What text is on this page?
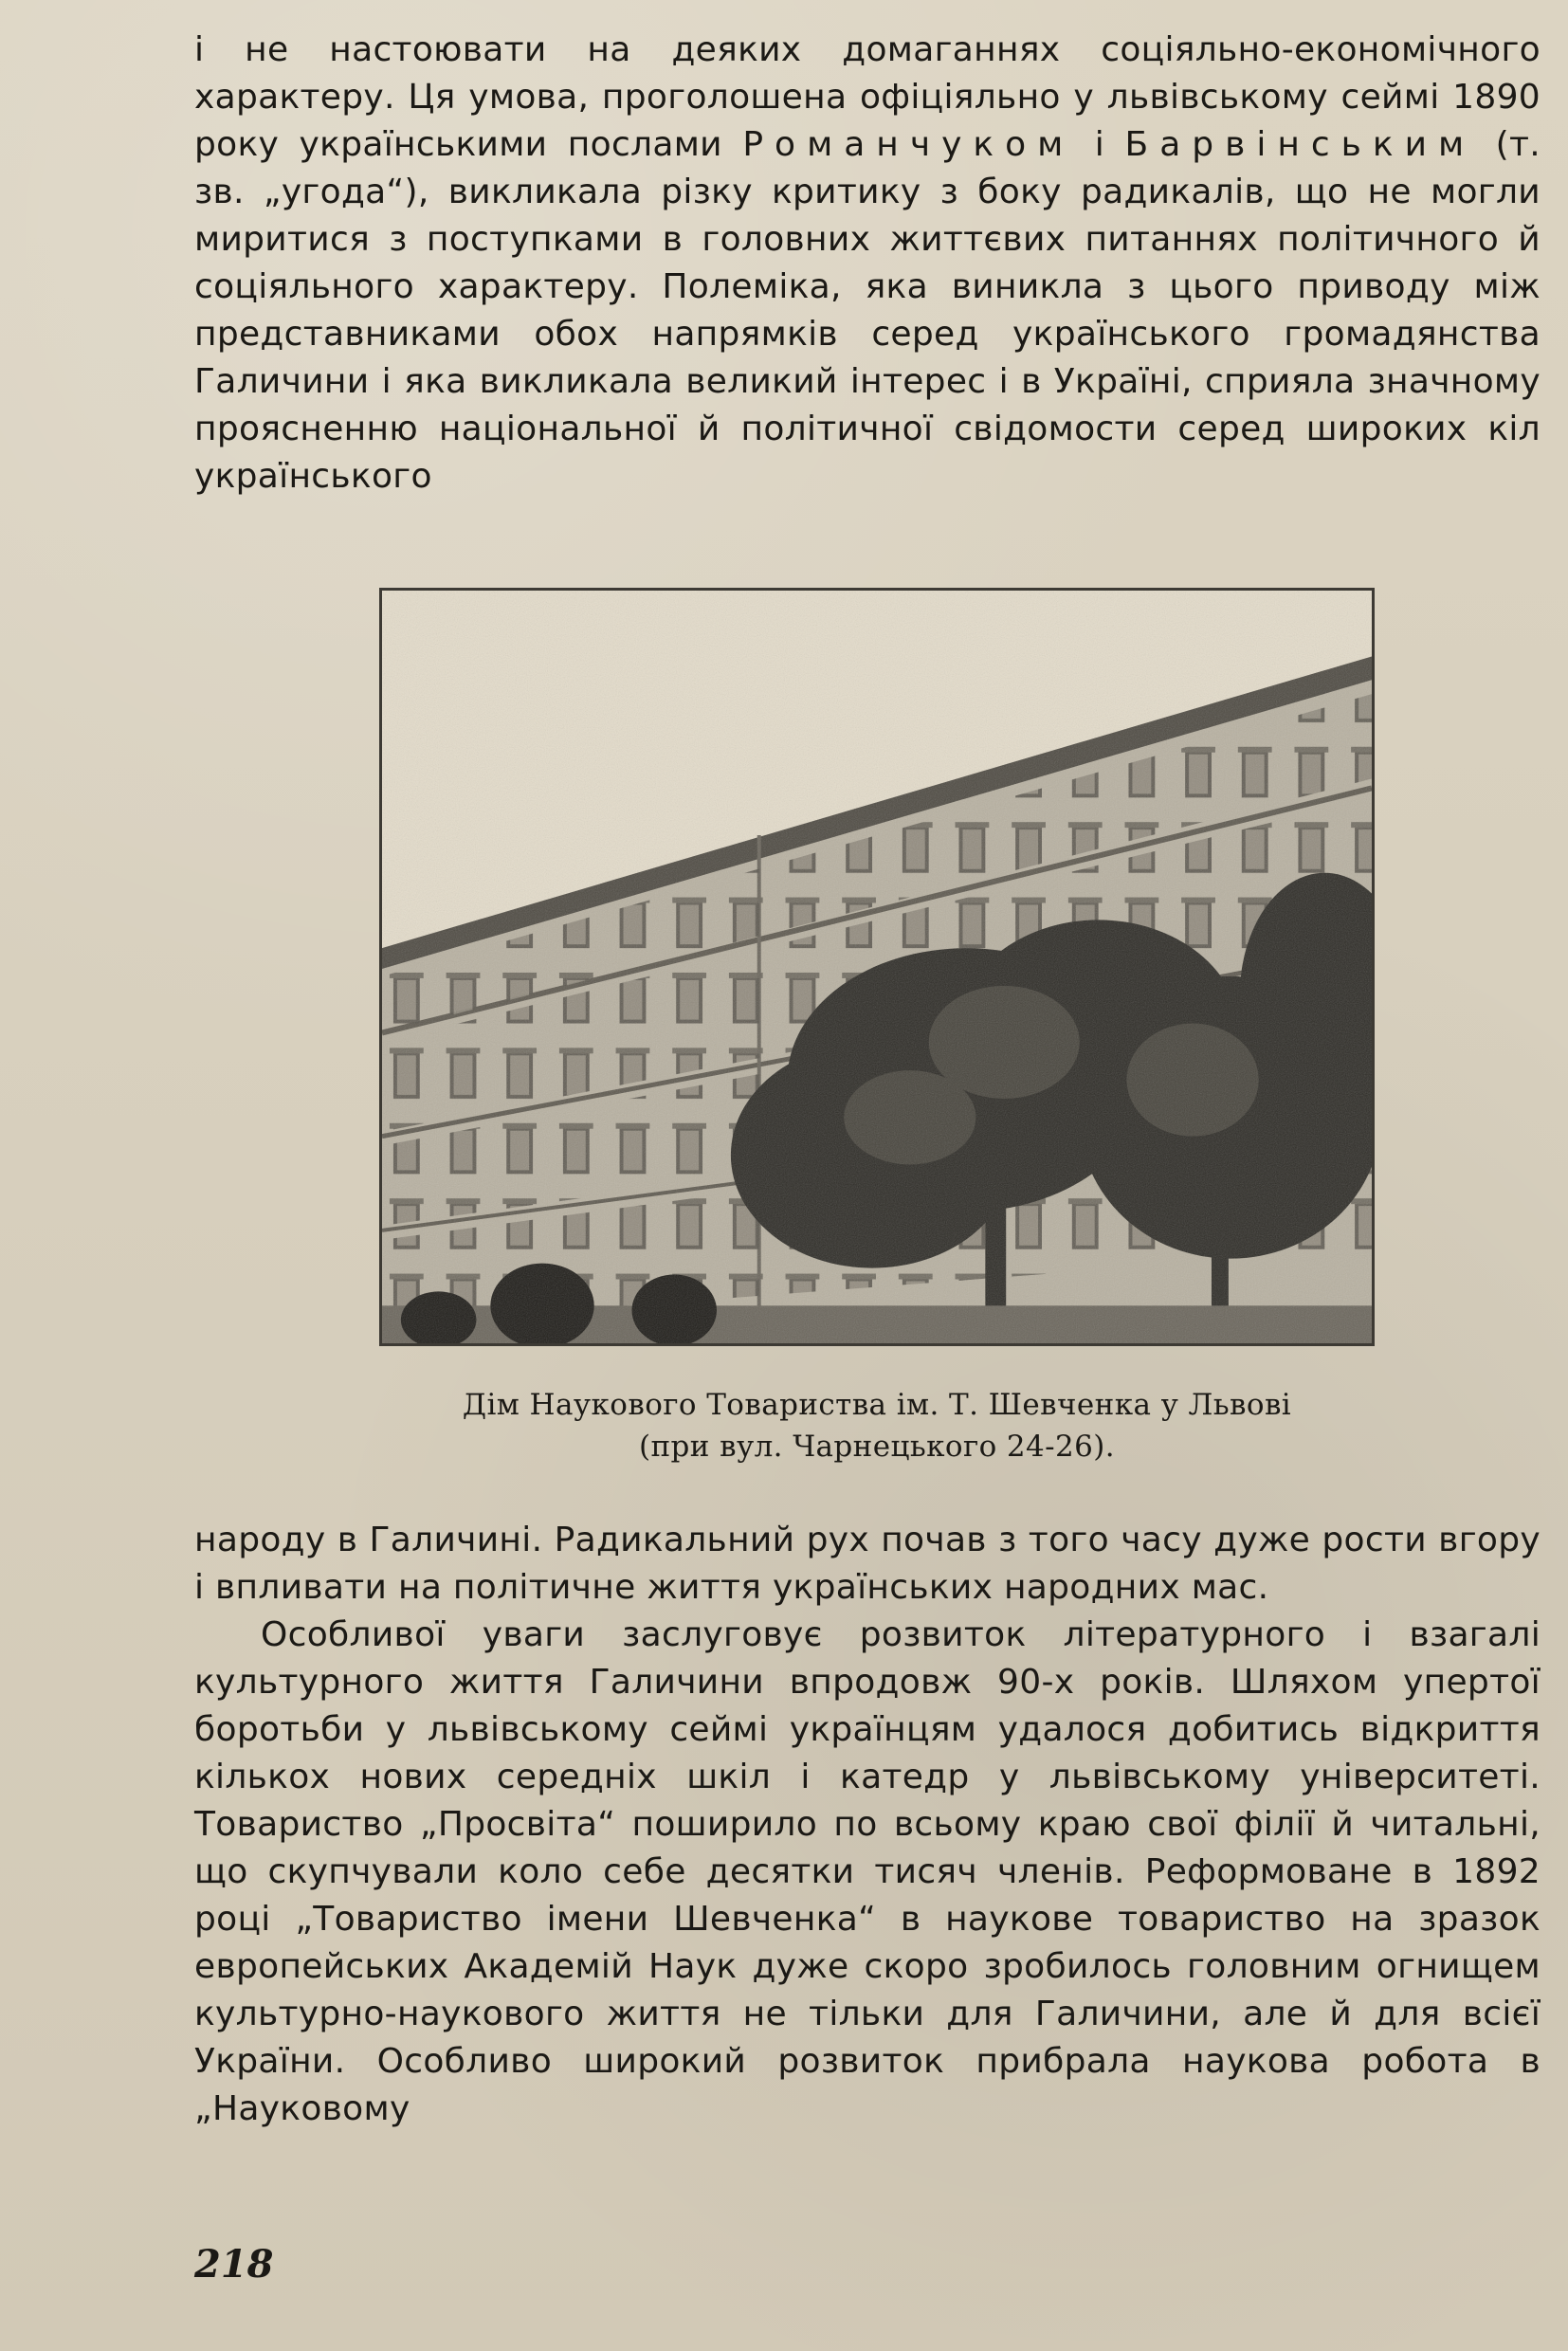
і не настоювати на деяких домаганнях соціяльно-економічного характеру. Ця умова, проголошена офіціяльно у львівському сеймі 1890 року українськими послами Романчуком і Барвінським (т. зв. „угода“), викликала різку критику з боку радикалів, що не могли миритися з поступками в головних життєвих питаннях політичного й соціяльного характеру. Полеміка, яка виникла з цього приводу між представниками обох напрямків серед українського громадянства Галичини і яка викликала великий інтерес і в Україні, сприяла значному проясненню національної й політичної свідомости серед широких кіл українського

Дім Наукового Товариства ім. Т. Шевченка у Львові
(при вул. Чарнецького 24-26).

народу в Галичині. Радикальний рух почав з того часу дуже рости вгору і впливати на політичне життя українських народних мас.

Особливої уваги заслуговує розвиток літературного і взагалі культурного життя Галичини впродовж 90-х років. Шляхом упертої боротьби у львівському сеймі українцям удалося добитись відкриття кількох нових середніх шкіл і катедр у львівському університеті. Товариство „Просвіта“ поширило по всьому краю свої філії й читальні, що скупчували коло себе десятки тисяч членів. Реформоване в 1892 році „Товариство імени Шевченка“ в наукове товариство на зразок европейських Академій Наук дуже скоро зробилось головним огнищем культурно-наукового життя не тільки для Галичини, але й для всієї України. Особливо широкий розвиток прибрала наукова робота в „Науковому

218
